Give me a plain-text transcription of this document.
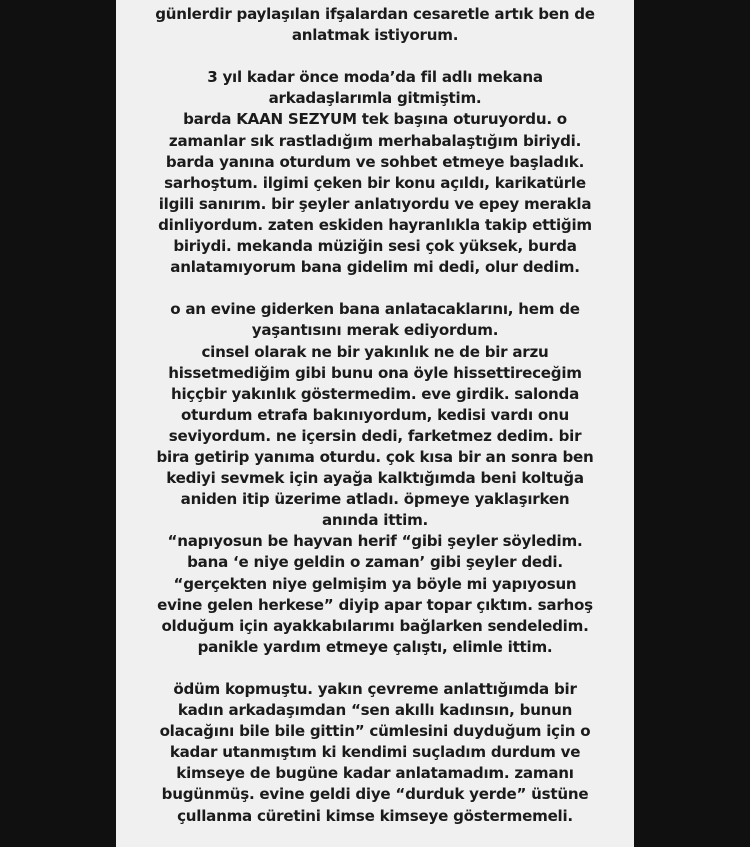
günlerdir paylaşılan ifşalardan cesaretle artık ben de
anlatmak istiyorum.
3 yıl kadar önce moda’da fil adlı mekana
arkadaşlarımla gitmiştim.
barda KAAN SEZYUM tek başına oturuyordu. o
zamanlar sık rastladığım merhabalaştığım biriydi.
barda yanına oturdum ve sohbet etmeye başladık.
sarhoştum. ilgimi çeken bir konu açıldı, karikatürle
ilgili sanırım. bir şeyler anlatıyordu ve epey merakla
dinliyordum. zaten eskiden hayranlıkla takip ettiğim
biriydi. mekanda müziğin sesi çok yüksek, burda
anlatamıyorum bana gidelim mi dedi, olur dedim.
o an evine giderken bana anlatacaklarını, hem de
yaşantısını merak ediyordum.
cinsel olarak ne bir yakınlık ne de bir arzu
hissetmediğim gibi bunu ona öyle hissettireceğim
hiççbir yakınlık göstermedim. eve girdik. salonda
oturdum etrafa bakınıyordum, kedisi vardı onu
seviyordum. ne içersin dedi, farketmez dedim. bir
bira getirip yanıma oturdu. çok kısa bir an sonra ben
kediyi sevmek için ayağa kalktığımda beni koltuğa
aniden itip üzerime atladı. öpmeye yaklaşırken
anında ittim.
“napıyosun be hayvan herif “gibi şeyler söyledim.
bana ‘e niye geldin o zaman’ gibi şeyler dedi.
“gerçekten niye gelmişim ya böyle mi yapıyosun
evine gelen herkese” diyip apar topar çıktım. sarhoş
olduğum için ayakkabılarımı bağlarken sendeledim.
panikle yardım etmeye çalıştı, elimle ittim.
ödüm kopmuştu. yakın çevreme anlattığımda bir
kadın arkadaşımdan “sen akıllı kadınsın, bunun
olacağını bile bile gittin” cümlesini duyduğum için o
kadar utanmıştım ki kendimi suçladım durdum ve
kimseye de bugüne kadar anlatamadım. zamanı
bugünmüş. evine geldi diye “durduk yerde” üstüne
çullanma cüretini kimse kimseye göstermemeli.
